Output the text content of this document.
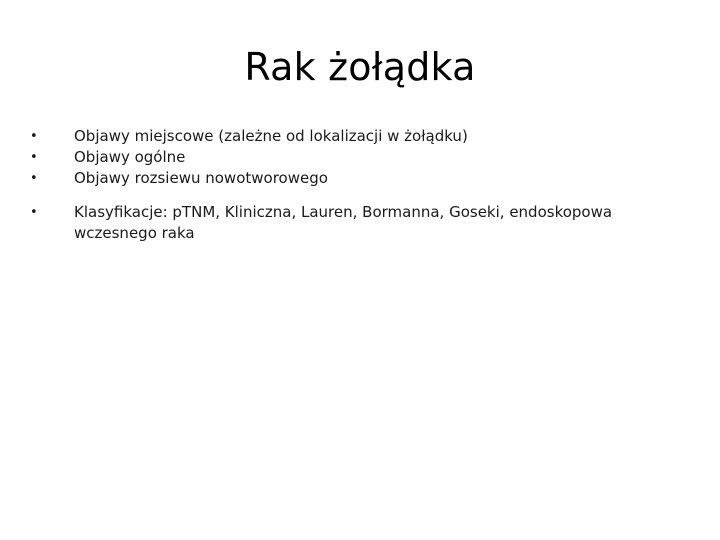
Rak żołądka
•	Objawy miejscowe (zależne od lokalizacji w żołądku)
•	Objawy ogólne
•	Objawy rozsiewu nowotworowego
•	Klasyfikacje: pTNM, Kliniczna, Lauren, Bormanna, Goseki, endoskopowa wczesnego raka
